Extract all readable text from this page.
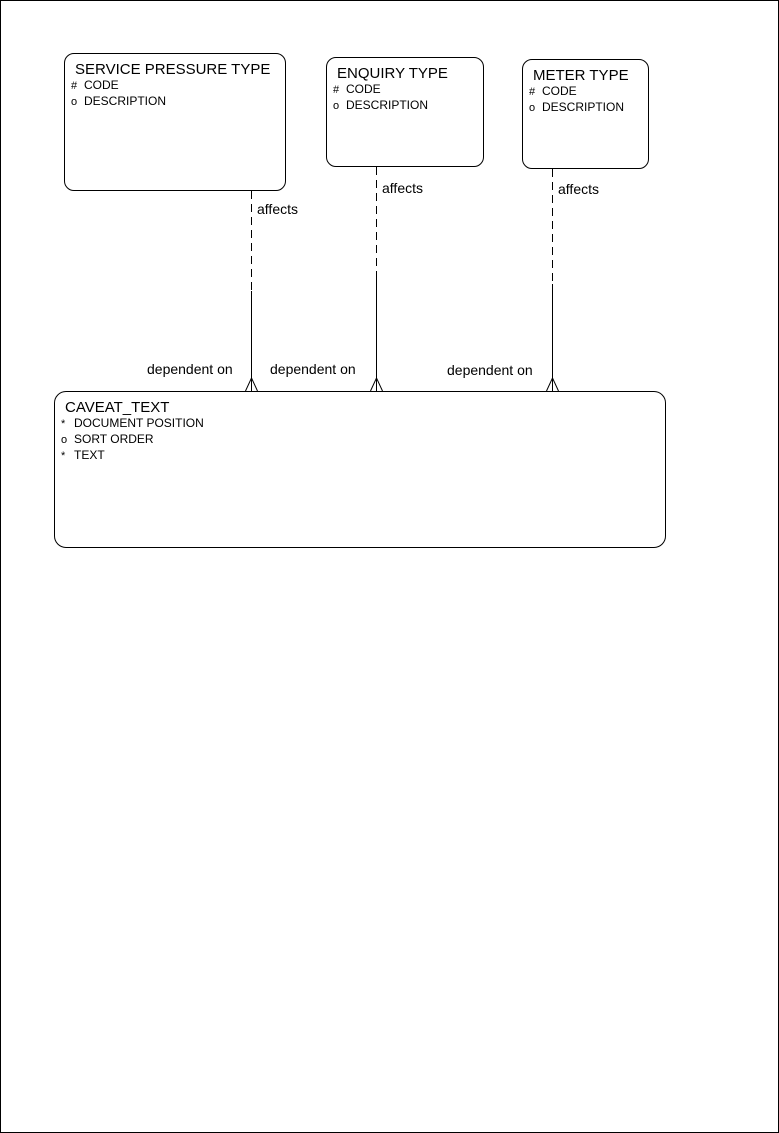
affects
affects	affects
dependent on	dependent on	dependent on
SERVICE PRESSURE TYPE
# CODE
o DESCRIPTION
ENQUIRY TYPE
# CODE
o DESCRIPTION
METER TYPE
# CODE
o DESCRIPTION
CAVEAT_TEXT
* DOCUMENT POSITION
o SORT ORDER
* TEXT
